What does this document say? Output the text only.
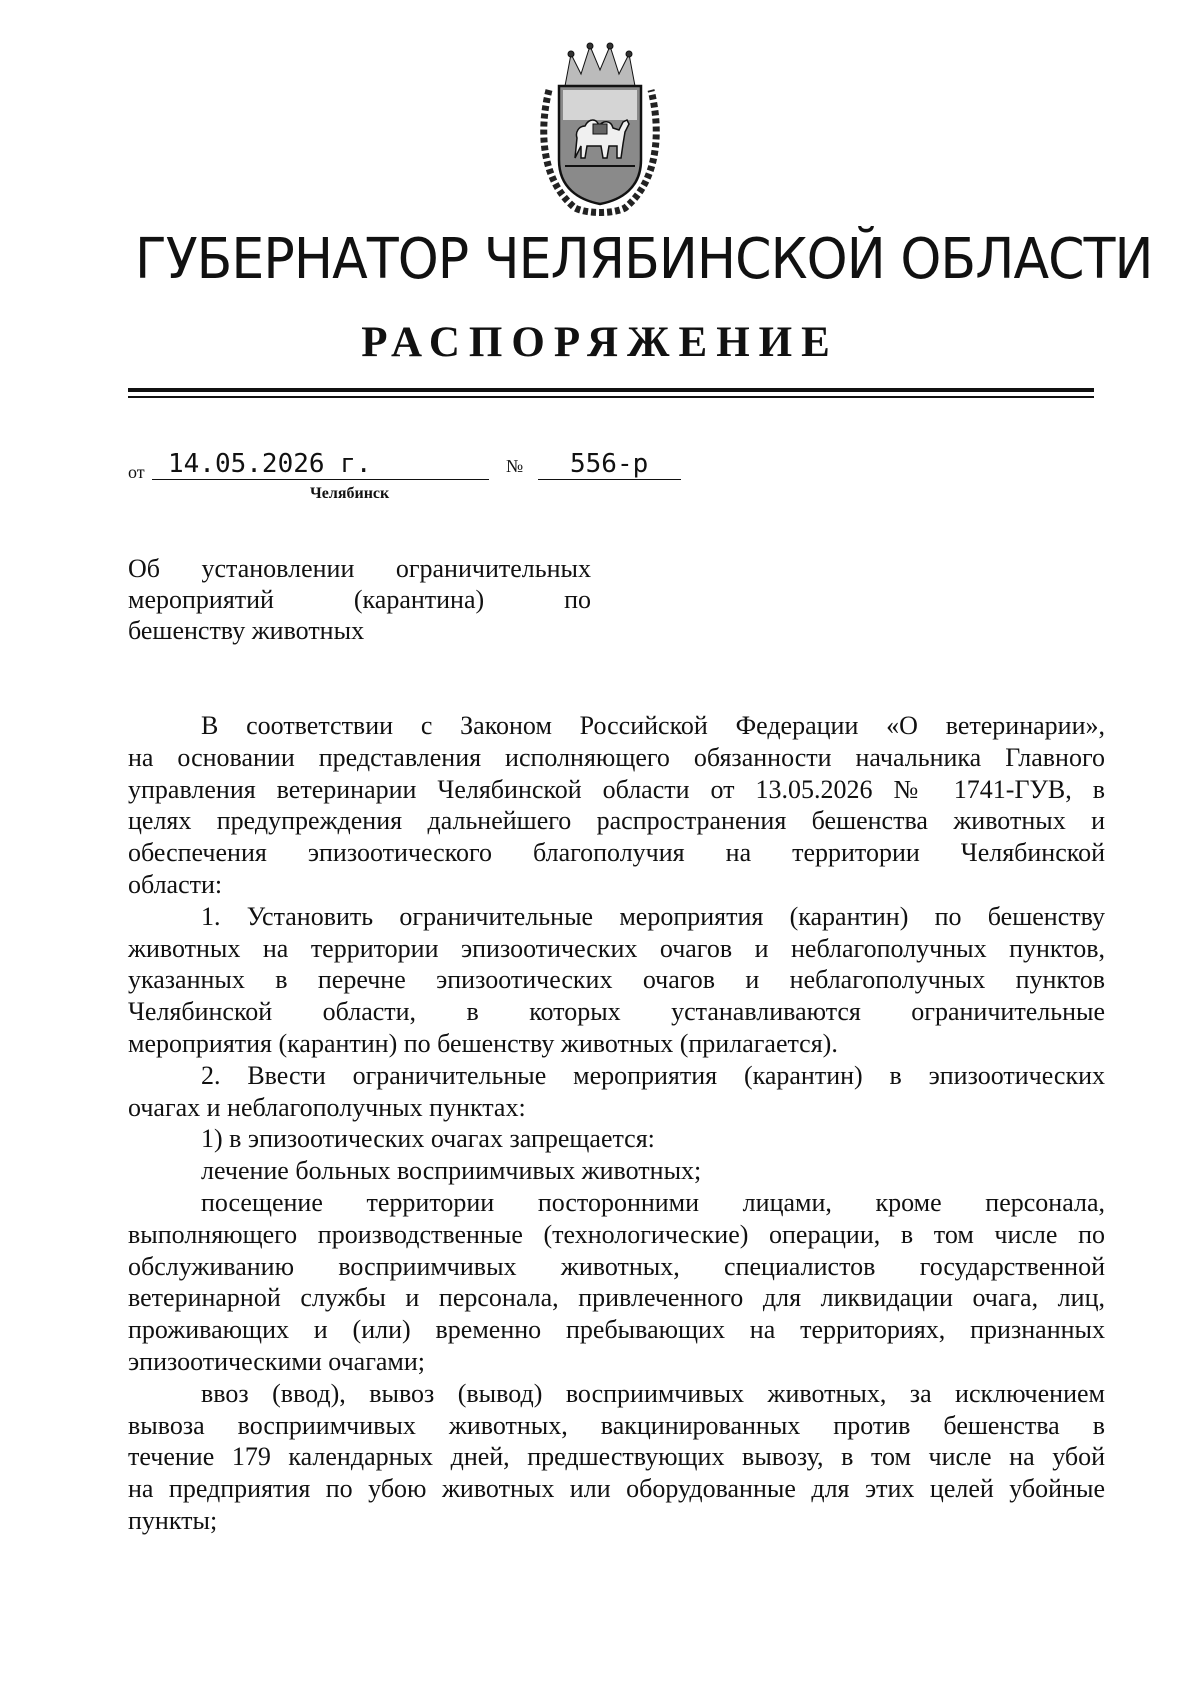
ГУБЕРНАТОР ЧЕЛЯБИНСКОЙ ОБЛАСТИ
РАСПОРЯЖЕНИЕ
от 14.05.2026 г.	№	556-р
Челябинск
Об установлении ограничительных
мероприятий (карантина) по
бешенству животных
В соответствии с Законом Российской Федерации «О ветеринарии»,
на основании представления исполняющего обязанности начальника Главного
управления ветеринарии Челябинской области от 13.05.2026 № 1741-ГУВ, в
целях предупреждения дальнейшего распространения бешенства животных и
обеспечения эпизоотического благополучия на территории Челябинской
области:
1. Установить ограничительные мероприятия (карантин) по бешенству
животных на территории эпизоотических очагов и неблагополучных пунктов,
указанных в перечне эпизоотических очагов и неблагополучных пунктов
Челябинской области, в которых устанавливаются ограничительные
мероприятия (карантин) по бешенству животных (прилагается).
2. Ввести ограничительные мероприятия (карантин) в эпизоотических
очагах и неблагополучных пунктах:
1) в эпизоотических очагах запрещается:
лечение больных восприимчивых животных;
посещение территории посторонними лицами, кроме персонала,
выполняющего производственные (технологические) операции, в том числе по
обслуживанию восприимчивых животных, специалистов государственной
ветеринарной службы и персонала, привлеченного для ликвидации очага, лиц,
проживающих и (или) временно пребывающих на территориях, признанных
эпизоотическими очагами;
ввоз (ввод), вывоз (вывод) восприимчивых животных, за исключением
вывоза восприимчивых животных, вакцинированных против бешенства в
течение 179 календарных дней, предшествующих вывозу, в том числе на убой
на предприятия по убою животных или оборудованные для этих целей убойные
пункты;
